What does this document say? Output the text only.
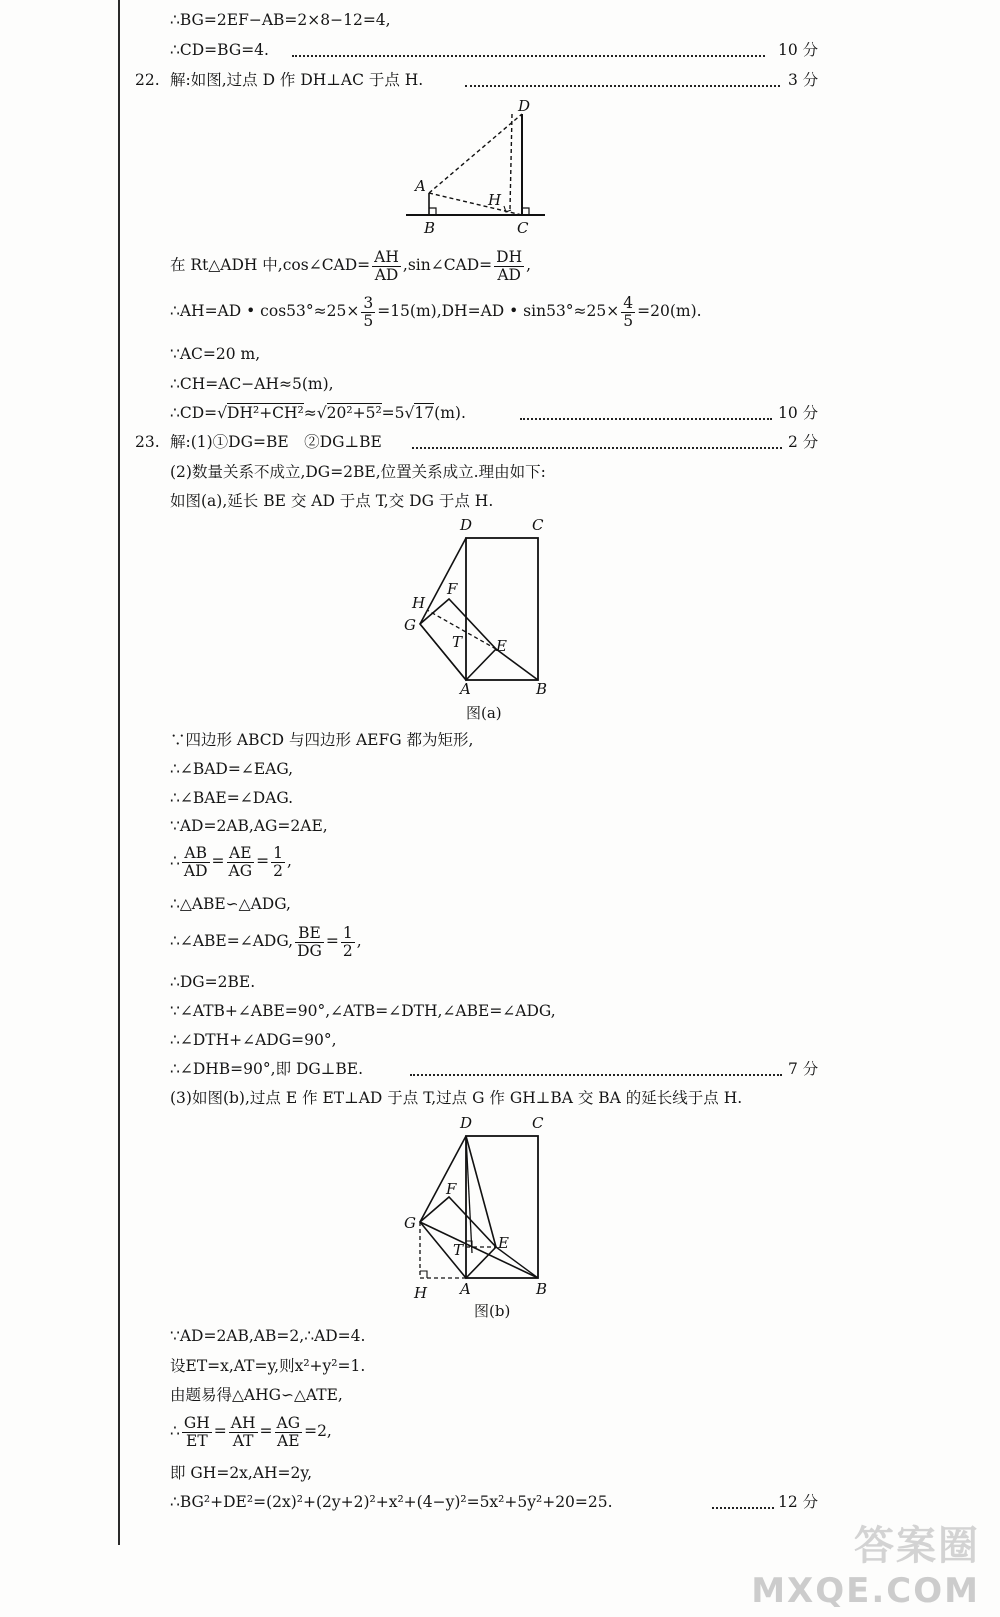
∴BG=2EF−AB=2×8−12=4,
∴CD=BG=4.	10 分
22. 解:如图,过点 D 作 DH⊥AC 于点 H.	3 分
D
A
H
B	C
在 Rt△ADH 中,cos∠CAD= $\frac{AH}{AD}$ ,sin∠CAD= $\frac{DH}{AD}$ ,
∴AH=AD • $\cos 53^\circ\approx 25\times \frac{3}{5} =15(m),DH=AD$ • $\sin 53^\circ\approx 25\times \frac{4}{5} =20(m)$.
∵AC=20 m,
∴CH=AC−AH≈5(m),
∴CD=√DH²+CH²≈√20²+5²=5√17(m).	10 分
23. 解:(1)①DG=BE　②DG⊥BE	2 分
(2)数量关系不成立,DG=2BE,位置关系成立.理由如下:
如图(a),延长 BE 交 AD 于点 T,交 DG 于点 H.
D	C
F
H
G
T E
A	B
图(a)
∵四边形 ABCD 与四边形 AEFG 都为矩形,
∴∠BAD=∠EAG,
∴∠BAE=∠DAG.
∵AD=2AB,AG=2AE,
∴ $\frac{AB}{AD} = \frac{AE}{AG} = \frac{1}{2}$ ,
∴△ABE∽△ADG,
∴∠ABE=∠ADG, $\frac{BE}{DG} = \frac{1}{2}$ ,
∴DG=2BE.
∵∠ATB+∠ABE=90°,∠ATB=∠DTH,∠ABE=∠ADG,
∴∠DTH+∠ADG=90°,
∴∠DHB=90°,即 DG⊥BE.	7 分
(3)如图(b),过点 E 作 ET⊥AD 于点 T,过点 G 作 GH⊥BA 交 BA 的延长线于点 H.
D	C
F
G
E
T
A	B
H
图(b)
∵AD=2AB,AB=2,∴AD=4.
设ET=x,AT=y,则x²+y²=1.
由题易得△AHG∽△ATE,
∴ $\frac{GH}{ET} = \frac{AH}{AT} = \frac{AG}{AE} =2$,
即 GH=2x,AH=2y,
∴BG²+DE²=(2x)²+(2y+2)²+x²+(4−y)²=5x²+5y²+20=25.	12 分
答案圈
MXQE.COM
